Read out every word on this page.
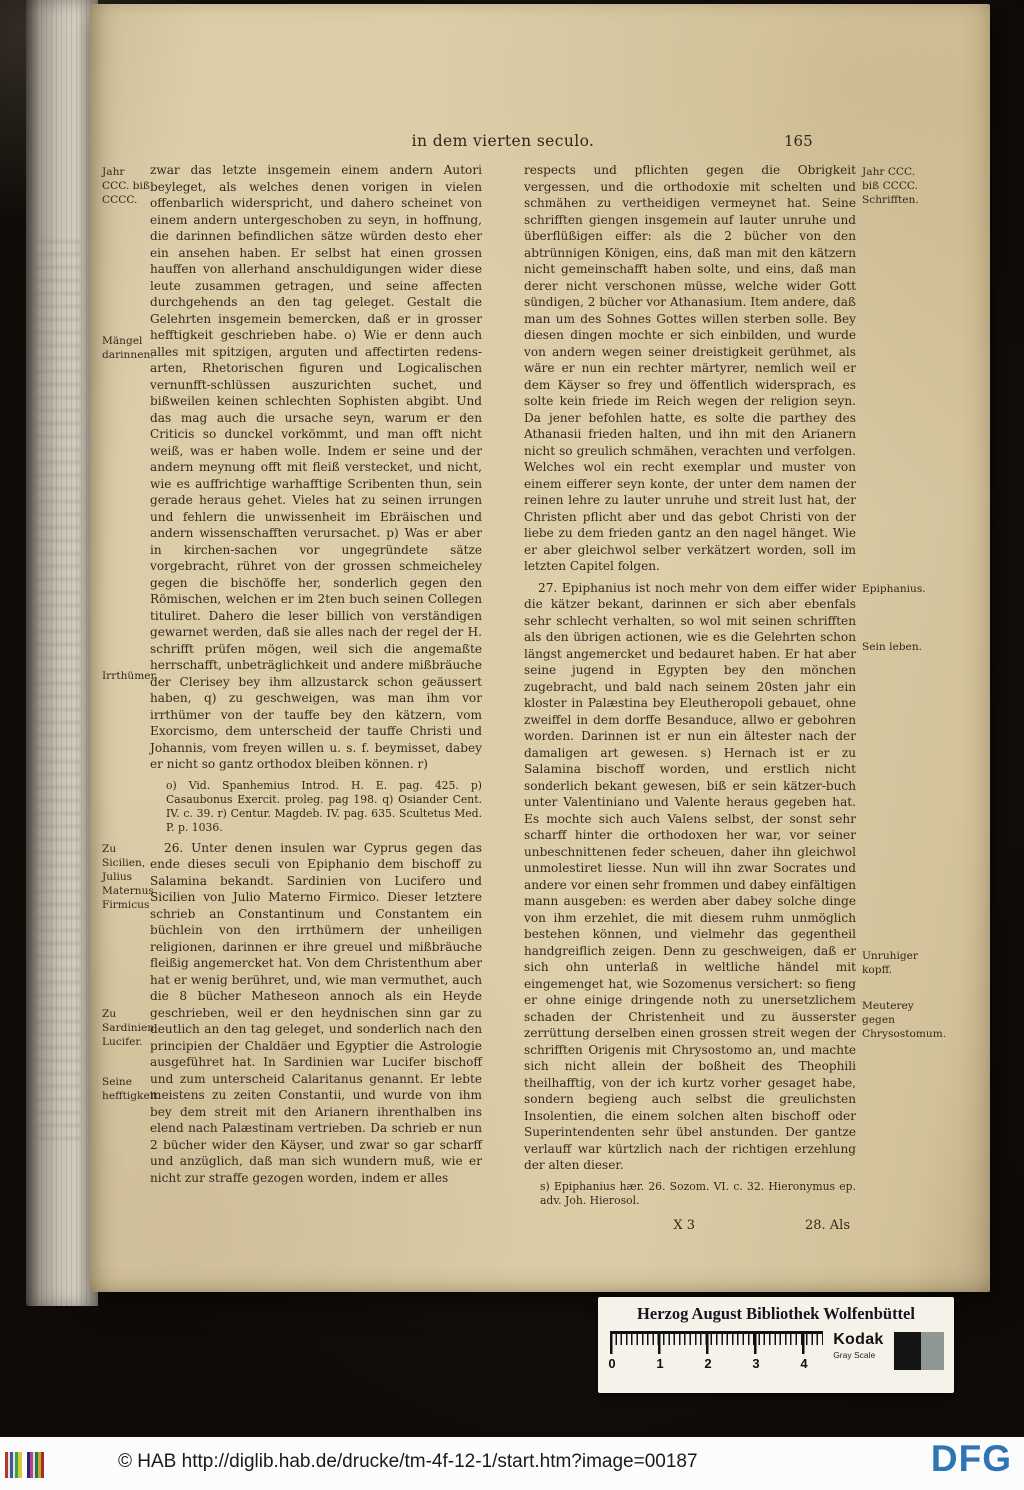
in dem vierten seculo.	165
Jahr CCC. biß CCCC.
Mängel darinnen.
Irrthümer.
Zu Sicilien, Julius Maternus Firmicus
Zu Sardinien, Lucifer.
Seine hefftigkeit.
Jahr CCC. biß CCCC. Schrifften.
Epiphanius.
Sein leben.
Unruhiger kopff.
Meuterey gegen Chrysostomum.

zwar das letzte insgemein einem andern Autori beyleget, als welches denen vorigen in vielen offenbarlich widerspricht, und dahero scheinet von einem andern untergeschoben zu seyn, in hoffnung, die darinnen befindlichen sätze würden desto eher ein ansehen haben. Er selbst hat einen grossen hauffen von allerhand anschuldigungen wider diese leute zusammen getragen, und seine affecten durchgehends an den tag geleget. Gestalt die Gelehrten insgemein bemercken, daß er in grosser hefftigkeit geschrieben habe. o) Wie er denn auch alles mit spitzigen, arguten und affectirten redens-arten, Rhetorischen figuren und Logicalischen vernunfft-schlüssen auszurichten suchet, und bißweilen keinen schlechten Sophisten abgibt. Und das mag auch die ursache seyn, warum er den Criticis so dunckel vorkömmt, und man offt nicht weiß, was er haben wolle. Indem er seine und der andern meynung offt mit fleiß verstecket, und nicht, wie es auffrichtige warhafftige Scribenten thun, sein gerade heraus gehet. Vieles hat zu seinen irrungen und fehlern die unwissenheit im Ebräischen und andern wissenschafften verursachet. p) Was er aber in kirchen-sachen vor ungegründete sätze vorgebracht, rühret von der grossen schmeicheley gegen die bischöffe her, sonderlich gegen den Römischen, welchen er im 2ten buch seinen Collegen tituliret. Dahero die leser billich von verständigen gewarnet werden, daß sie alles nach der regel der H. schrifft prüfen mögen, weil sich die angemaßte herrschafft, unbeträglichkeit und andere mißbräuche der Clerisey bey ihm allzustarck schon geäussert haben, q) zu geschweigen, was man ihm vor irrthümer von der tauffe bey den kätzern, vom Exorcismo, dem unterscheid der tauffe Christi und Johannis, vom freyen willen u. s. f. beymisset, dabey er nicht so gantz orthodox bleiben können. r)

o) Vid. Spanhemius Introd. H. E. pag. 425. p) Casaubonus Exercit. proleg. pag 198. q) Osiander Cent. IV. c. 39. r) Centur. Magdeb. IV. pag. 635. Scultetus Med. P. p. 1036.

26. Unter denen insulen war Cyprus gegen das ende dieses seculi von Epiphanio dem bischoff zu Salamina bekandt. Sardinien von Lucifero und Sicilien von Julio Materno Firmico. Dieser letztere schrieb an Constantinum und Constantem ein büchlein von den irrthümern der unheiligen religionen, darinnen er ihre greuel und mißbräuche fleißig angemercket hat. Von dem Christenthum aber hat er wenig berühret, und, wie man vermuthet, auch die 8 bücher Matheseon annoch als ein Heyde geschrieben, weil er den heydnischen sinn gar zu deutlich an den tag geleget, und sonderlich nach den principien der Chaldäer und Egyptier die Astrologie ausgeführet hat. In Sardinien war Lucifer bischoff und zum unterscheid Calaritanus genannt. Er lebte meistens zu zeiten Constantii, und wurde von ihm bey dem streit mit den Arianern ihrenthalben ins elend nach Palæstinam vertrieben. Da schrieb er nun 2 bücher wider den Käyser, und zwar so gar scharff und anzüglich, daß man sich wundern muß, wie er nicht zur straffe gezogen worden, indem er alles

respects und pflichten gegen die Obrigkeit vergessen, und die orthodoxie mit schelten und schmähen zu vertheidigen vermeynet hat. Seine schrifften giengen insgemein auf lauter unruhe und überflüßigen eiffer: als die 2 bücher von den abtrünnigen Königen, eins, daß man mit den kätzern nicht gemeinschafft haben solte, und eins, daß man derer nicht verschonen müsse, welche wider Gott sündigen, 2 bücher vor Athanasium. Item andere, daß man um des Sohnes Gottes willen sterben solle. Bey diesen dingen mochte er sich einbilden, und wurde von andern wegen seiner dreistigkeit gerühmet, als wäre er nun ein rechter märtyrer, nemlich weil er dem Käyser so frey und öffentlich widersprach, es solte kein friede im Reich wegen der religion seyn. Da jener befohlen hatte, es solte die parthey des Athanasii frieden halten, und ihn mit den Arianern nicht so greulich schmähen, verachten und verfolgen. Welches wol ein recht exemplar und muster von einem eifferer seyn konte, der unter dem namen der reinen lehre zu lauter unruhe und streit lust hat, der Christen pflicht aber und das gebot Christi von der liebe zu dem frieden gantz an den nagel hänget. Wie er aber gleichwol selber verkätzert worden, soll im letzten Capitel folgen.

27. Epiphanius ist noch mehr von dem eiffer wider die kätzer bekant, darinnen er sich aber ebenfals sehr schlecht verhalten, so wol mit seinen schrifften als den übrigen actionen, wie es die Gelehrten schon längst angemercket und bedauret haben. Er hat aber seine jugend in Egypten bey den mönchen zugebracht, und bald nach seinem 20sten jahr ein kloster in Palæstina bey Eleutheropoli gebauet, ohne zweiffel in dem dorffe Besanduce, allwo er gebohren worden. Darinnen ist er nun ein ältester nach der damaligen art gewesen. s) Hernach ist er zu Salamina bischoff worden, und erstlich nicht sonderlich bekant gewesen, biß er sein kätzer-buch unter Valentiniano und Valente heraus gegeben hat. Es mochte sich auch Valens selbst, der sonst sehr scharff hinter die orthodoxen her war, vor seiner unbeschnittenen feder scheuen, daher ihn gleichwol unmolestiret liesse. Nun will ihn zwar Socrates und andere vor einen sehr frommen und dabey einfältigen mann ausgeben: es werden aber dabey solche dinge von ihm erzehlet, die mit diesem ruhm unmöglich bestehen können, und vielmehr das gegentheil handgreiflich zeigen. Denn zu geschweigen, daß er sich ohn unterlaß in weltliche händel mit eingemenget hat, wie Sozomenus versichert: so fieng er ohne einige dringende noth zu unersetzlichem schaden der Christenheit und zu äusserster zerrüttung derselben einen grossen streit wegen der schrifften Origenis mit Chrysostomo an, und machte sich nicht allein der boßheit des Theophili theilhafftig, von der ich kurtz vorher gesaget habe, sondern begieng auch selbst die greulichsten Insolentien, die einem solchen alten bischoff oder Superintendenten sehr übel anstunden. Der gantze verlauff war kürtzlich nach der richtigen erzehlung der alten dieser.

s) Epiphanius hær. 26. Sozom. VI. c. 32. Hieronymus ep. adv. Joh. Hierosol.

X 3	28. Als
Herzog August Bibliothek Wolfenbüttel
0	1	2	3	4
Kodak
Gray Scale
© HAB http://diglib.hab.de/drucke/tm-4f-12-1/start.htm?image=00187	DFG
